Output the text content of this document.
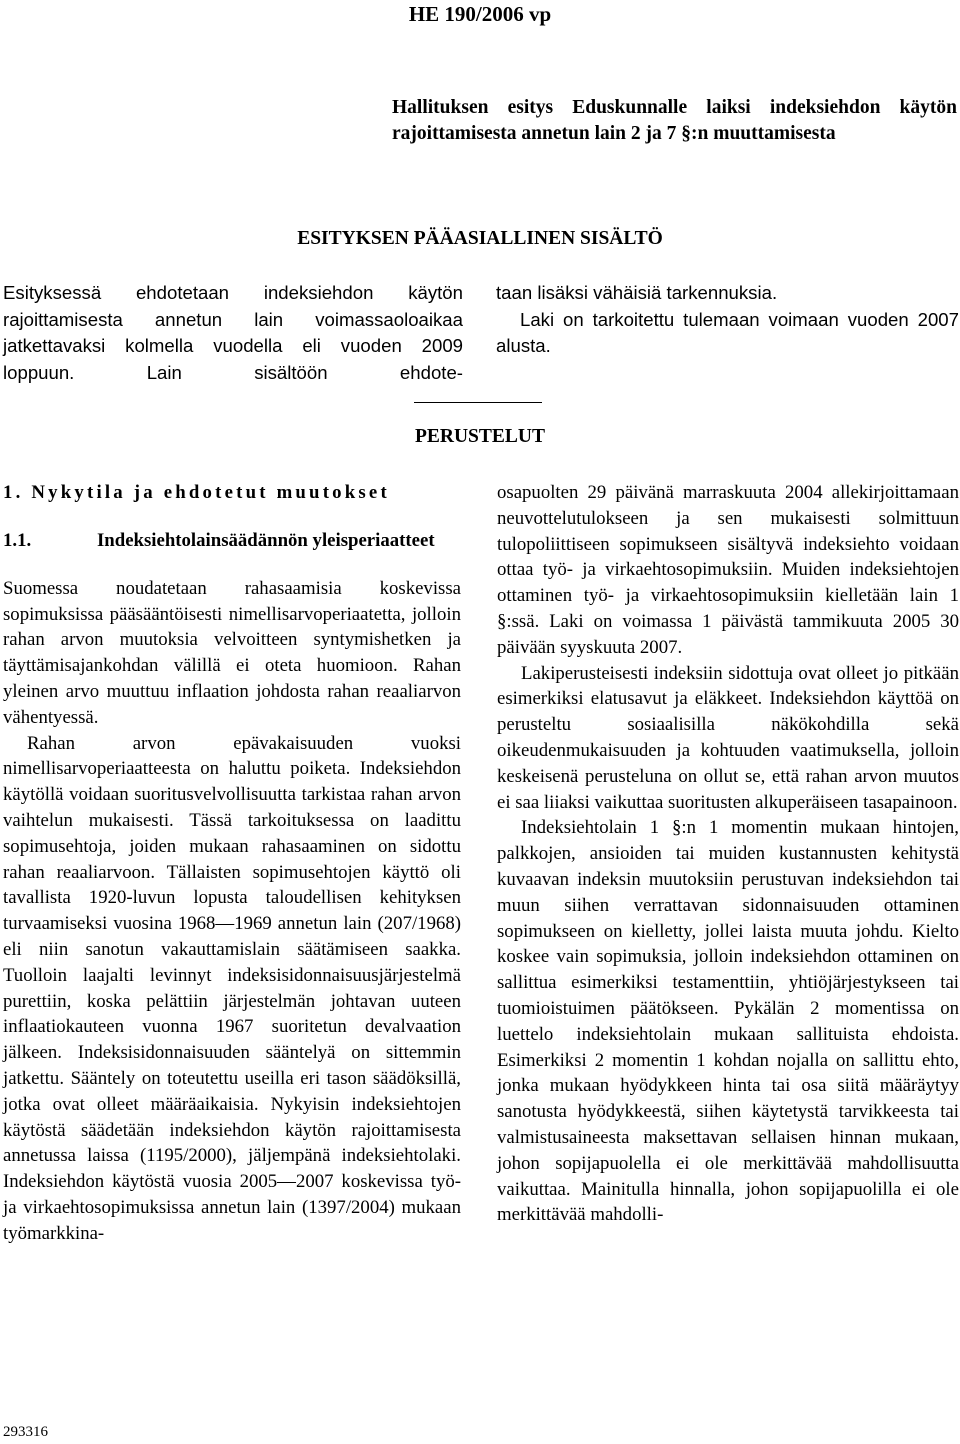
HE 190/2006 vp
Hallituksen esitys Eduskunnalle laiksi indeksiehdon käytön rajoittamisesta annetun lain 2 ja 7 §:n muuttamisesta
ESITYKSEN PÄÄASIALLINEN SISÄLTÖ
Esityksessä ehdotetaan indeksiehdon käytön rajoittamisesta annetun lain voimassaoloaikaa jatkettavaksi kolmella vuodella eli vuoden 2009 loppuun. Lain sisältöön ehdote-
taan lisäksi vähäisiä tarkennuksia.
Laki on tarkoitettu tulemaan voimaan vuoden 2007 alusta.
PERUSTELUT
1. Nykytila ja ehdotetut muutokset
1.1.	Indeksiehtolainsäädännön yleisperiaatteet

Suomessa noudatetaan rahasaamisia koskevissa sopimuksissa pääsääntöisesti nimellisarvoperiaatetta, jolloin rahan arvon muutoksia velvoitteen syntymishetken ja täyttämisajankohdan välillä ei oteta huomioon. Rahan yleinen arvo muuttuu inflaation johdosta rahan reaaliarvon vähentyessä.

Rahan arvon epävakaisuuden vuoksi nimellisarvoperiaatteesta on haluttu poiketa. Indeksiehdon käytöllä voidaan suoritusvelvollisuutta tarkistaa rahan arvon vaihtelun mukaisesti. Tässä tarkoituksessa on laadittu sopimusehtoja, joiden mukaan rahasaaminen on sidottu rahan reaaliarvoon. Tällaisten sopimusehtojen käyttö oli tavallista 1920-luvun lopusta taloudellisen kehityksen turvaamiseksi vuosina 1968—1969 annetun lain (207/1968) eli niin sanotun vakauttamislain säätämiseen saakka. Tuolloin laajalti levinnyt indeksisidonnaisuusjärjestelmä purettiin, koska pelättiin järjestelmän johtavan uuteen inflaatiokauteen vuonna 1967 suoritetun devalvaation jälkeen. Indeksisidonnaisuuden sääntelyä on sittemmin jatkettu. Sääntely on toteutettu useilla eri tason säädöksillä, jotka ovat olleet määräaikaisia. Nykyisin indeksiehtojen käytöstä säädetään indeksiehdon käytön rajoittamisesta annetussa laissa (1195/2000), jäljempänä indeksiehtolaki. Indeksiehdon käytöstä vuosia 2005—2007 koskevissa työ- ja virkaehtosopimuksissa annetun lain (1397/2004) mukaan työmarkkina-

osapuolten 29 päivänä marraskuuta 2004 allekirjoittamaan neuvottelutulokseen ja sen mukaisesti solmittuun tulopoliittiseen sopimukseen sisältyvä indeksiehto voidaan ottaa työ- ja virkaehtosopimuksiin. Muiden indeksiehtojen ottaminen työ- ja virkaehtosopimuksiin kielletään lain 1 §:ssä. Laki on voimassa 1 päivästä tammikuuta 2005 30 päivään syyskuuta 2007.

Lakiperusteisesti indeksiin sidottuja ovat olleet jo pitkään esimerkiksi elatusavut ja eläkkeet. Indeksiehdon käyttöä on perusteltu sosiaalisilla näkökohdilla sekä oikeudenmukaisuuden ja kohtuuden vaatimuksella, jolloin keskeisenä perusteluna on ollut se, että rahan arvon muutos ei saa liiaksi vaikuttaa suoritusten alkuperäiseen tasapainoon.

Indeksiehtolain 1 §:n 1 momentin mukaan hintojen, palkkojen, ansioiden tai muiden kustannusten kehitystä kuvaavan indeksin muutoksiin perustuvan indeksiehdon tai muun siihen verrattavan sidonnaisuuden ottaminen sopimukseen on kielletty, jollei laista muuta johdu. Kielto koskee vain sopimuksia, jolloin indeksiehdon ottaminen on sallittua esimerkiksi testamenttiin, yhtiöjärjestykseen tai tuomioistuimen päätökseen. Pykälän 2 momentissa on luettelo indeksiehtolain mukaan sallituista ehdoista. Esimerkiksi 2 momentin 1 kohdan nojalla on sallittu ehto, jonka mukaan hyödykkeen hinta tai osa siitä määräytyy sanotusta hyödykkeestä, siihen käytetystä tarvikkeesta tai valmistusaineesta maksettavan sellaisen hinnan mukaan, johon sopijapuolella ei ole merkittävää mahdollisuutta vaikuttaa. Mainitulla hinnalla, johon sopijapuolilla ei ole merkittävää mahdolli-

293316
